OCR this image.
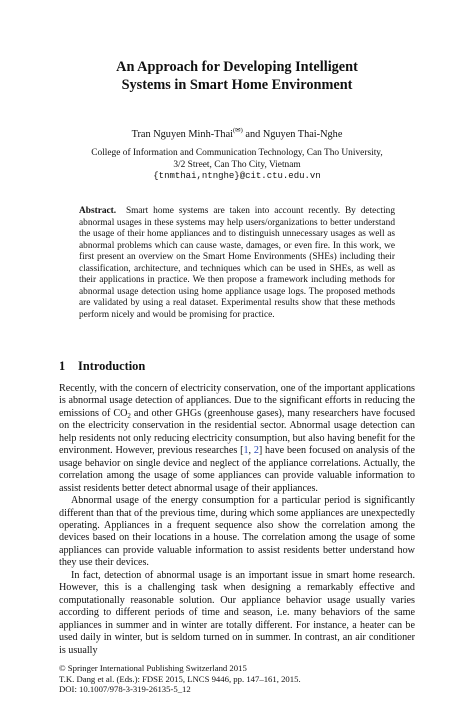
An Approach for Developing Intelligent
Systems in Smart Home Environment
Tran Nguyen Minh-Thai(✉) and Nguyen Thai-Nghe
College of Information and Communication Technology, Can Tho University,
3/2 Street, Can Tho City, Vietnam
{tnmthai,ntnghe}@cit.ctu.edu.vn
Abstract. Smart home systems are taken into account recently. By detecting abnormal usages in these systems may help users/organizations to better understand the usage of their home appliances and to distinguish unnecessary usages as well as abnormal problems which can cause waste, damages, or even fire. In this work, we first present an overview on the Smart Home Environments (SHEs) including their classification, architecture, and techniques which can be used in SHEs, as well as their applications in practice. We then propose a framework including methods for abnormal usage detection using home appliance usage logs. The proposed methods are validated by using a real dataset. Experimental results show that these methods perform nicely and would be promising for practice.
1 Introduction

Recently, with the concern of electricity conservation, one of the important applications is abnormal usage detection of appliances. Due to the significant efforts in reducing the emissions of $CO_2$ and other GHGs (greenhouse gases), many researchers have focused on the electricity conservation in the residential sector. Abnormal usage detection can help residents not only reducing electricity consumption, but also having benefit for the environment. However, previous researches [1, 2] have been focused on analysis of the usage behavior on single device and neglect of the appliance correlations. Actually, the correlation among the usage of some appliances can provide valuable information to assist residents better detect abnormal usage of their appliances.

Abnormal usage of the energy consumption for a particular period is significantly different than that of the previous time, during which some appliances are unexpectedly operating. Appliances in a frequent sequence also show the correlation among the devices based on their locations in a house. The correlation among the usage of some appliances can provide valuable information to assist residents better understand how they use their devices.

In fact, detection of abnormal usage is an important issue in smart home research. However, this is a challenging task when designing a remarkably effective and computationally reasonable solution. Our appliance behavior usage usually varies according to different periods of time and season, i.e. many behaviors of the same appliances in summer and in winter are totally different. For instance, a heater can be used daily in winter, but is seldom turned on in summer. In contrast, an air conditioner is usually

© Springer International Publishing Switzerland 2015
T.K. Dang et al. (Eds.): FDSE 2015, LNCS 9446, pp. 147–161, 2015.
DOI: 10.1007/978-3-319-26135-5_12
